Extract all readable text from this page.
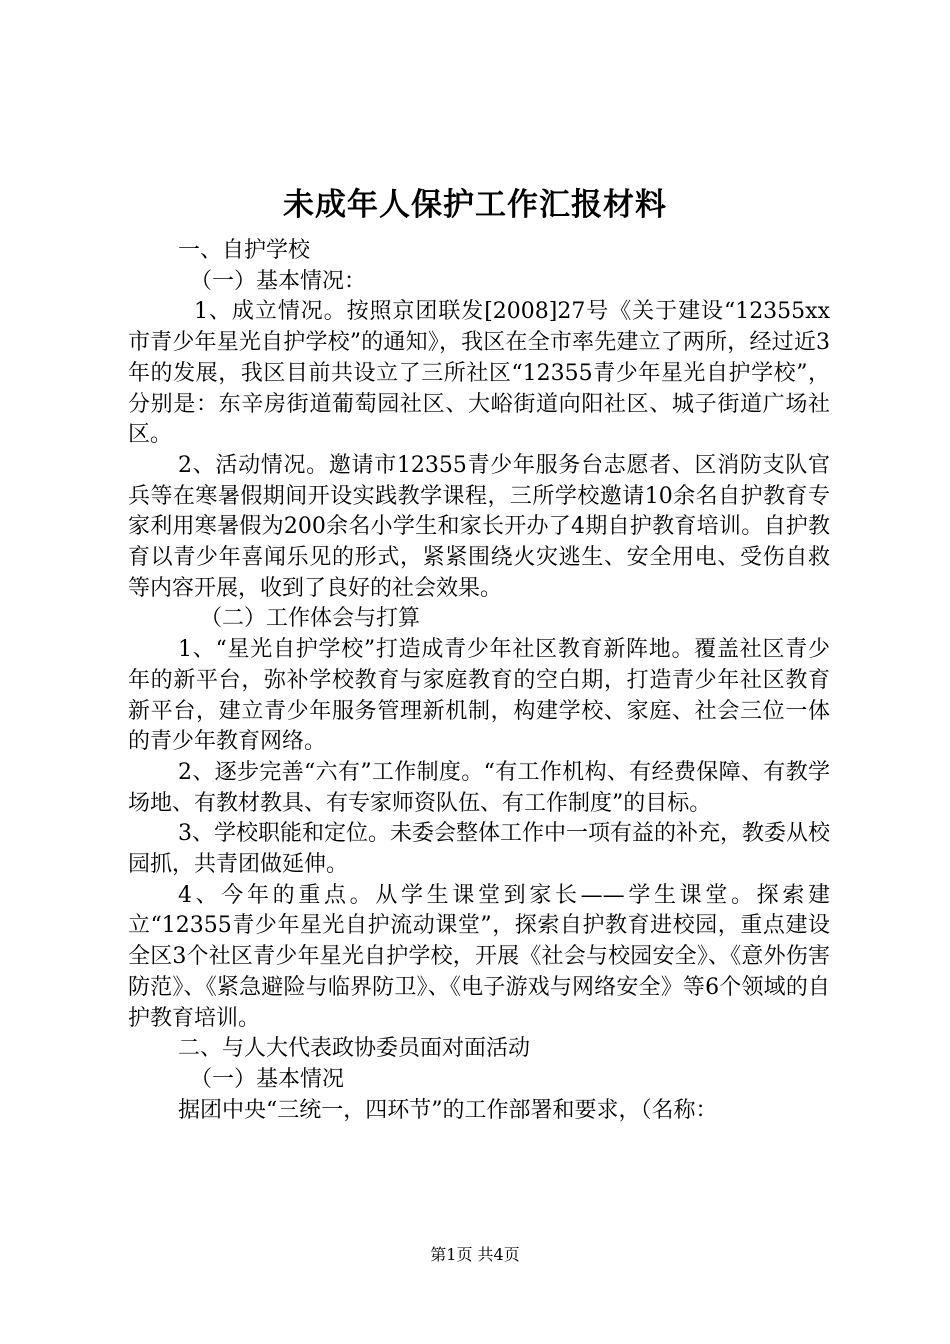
未成年人保护工作汇报材料

一、自护学校

（一）基本情况：

1、成立情况。按照京团联发[2008]27号《关于建设“12355xx市青少年星光自护学校”的通知》，我区在全市率先建立了两所，经过近3年的发展，我区目前共设立了三所社区“12355青少年星光自护学校”，分别是：东辛房街道葡萄园社区、大峪街道向阳社区、城子街道广场社区。

2、活动情况。邀请市12355青少年服务台志愿者、区消防支队官兵等在寒暑假期间开设实践教学课程，三所学校邀请10余名自护教育专家利用寒暑假为200余名小学生和家长开办了4期自护教育培训。自护教育以青少年喜闻乐见的形式，紧紧围绕火灾逃生、安全用电、受伤自救等内容开展，收到了良好的社会效果。

（二）工作体会与打算

1、“星光自护学校”打造成青少年社区教育新阵地。覆盖社区青少年的新平台，弥补学校教育与家庭教育的空白期，打造青少年社区教育新平台，建立青少年服务管理新机制，构建学校、家庭、社会三位一体的青少年教育网络。

2、逐步完善“六有”工作制度。“有工作机构、有经费保障、有教学场地、有教材教具、有专家师资队伍、有工作制度”的目标。

3、学校职能和定位。未委会整体工作中一项有益的补充，教委从校园抓，共青团做延伸。

4、今年的重点。从学生课堂到家长——学生课堂。探索建立“12355青少年星光自护流动课堂”，探索自护教育进校园，重点建设全区3个社区青少年星光自护学校，开展《社会与校园安全》、《意外伤害防范》、《紧急避险与临界防卫》、《电子游戏与网络安全》等6个领域的自护教育培训。

二、与人大代表政协委员面对面活动

（一）基本情况

据团中央“三统一，四环节”的工作部署和要求，（名称：

第1页 共4页
